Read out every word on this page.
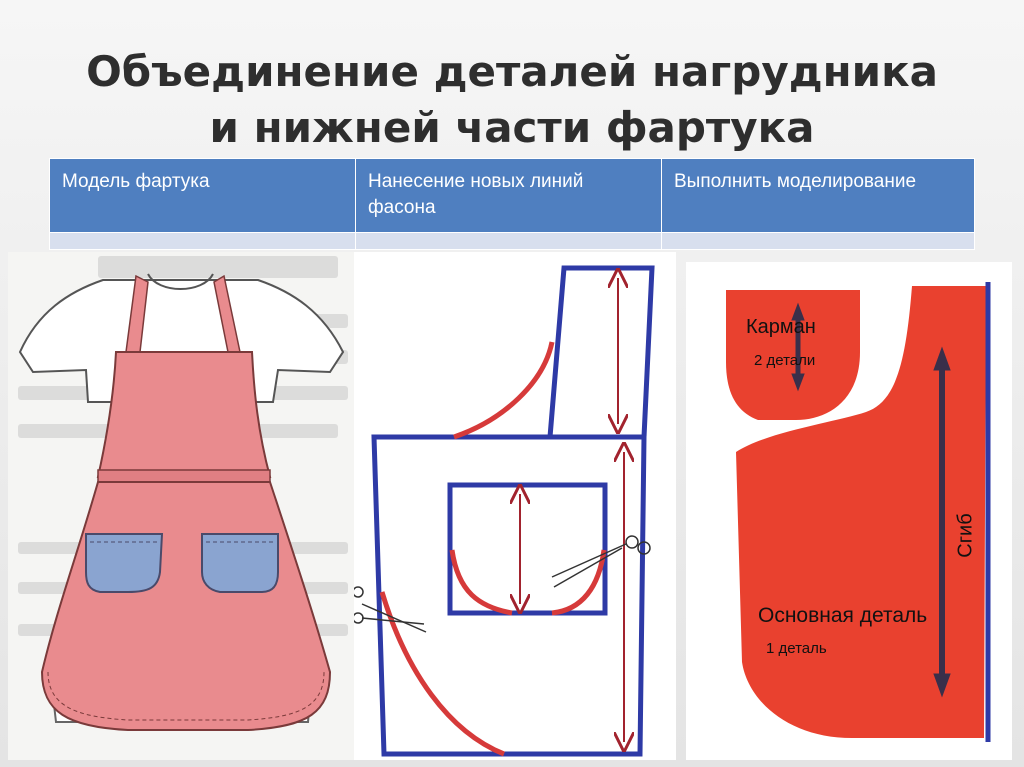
Объединение деталей нагрудника
и нижней части фартука
Модель фартука	Нанесение новых линий фасона	Выполнить моделирование

Карман
2 детали
Сгиб
Основная деталь
1 деталь
